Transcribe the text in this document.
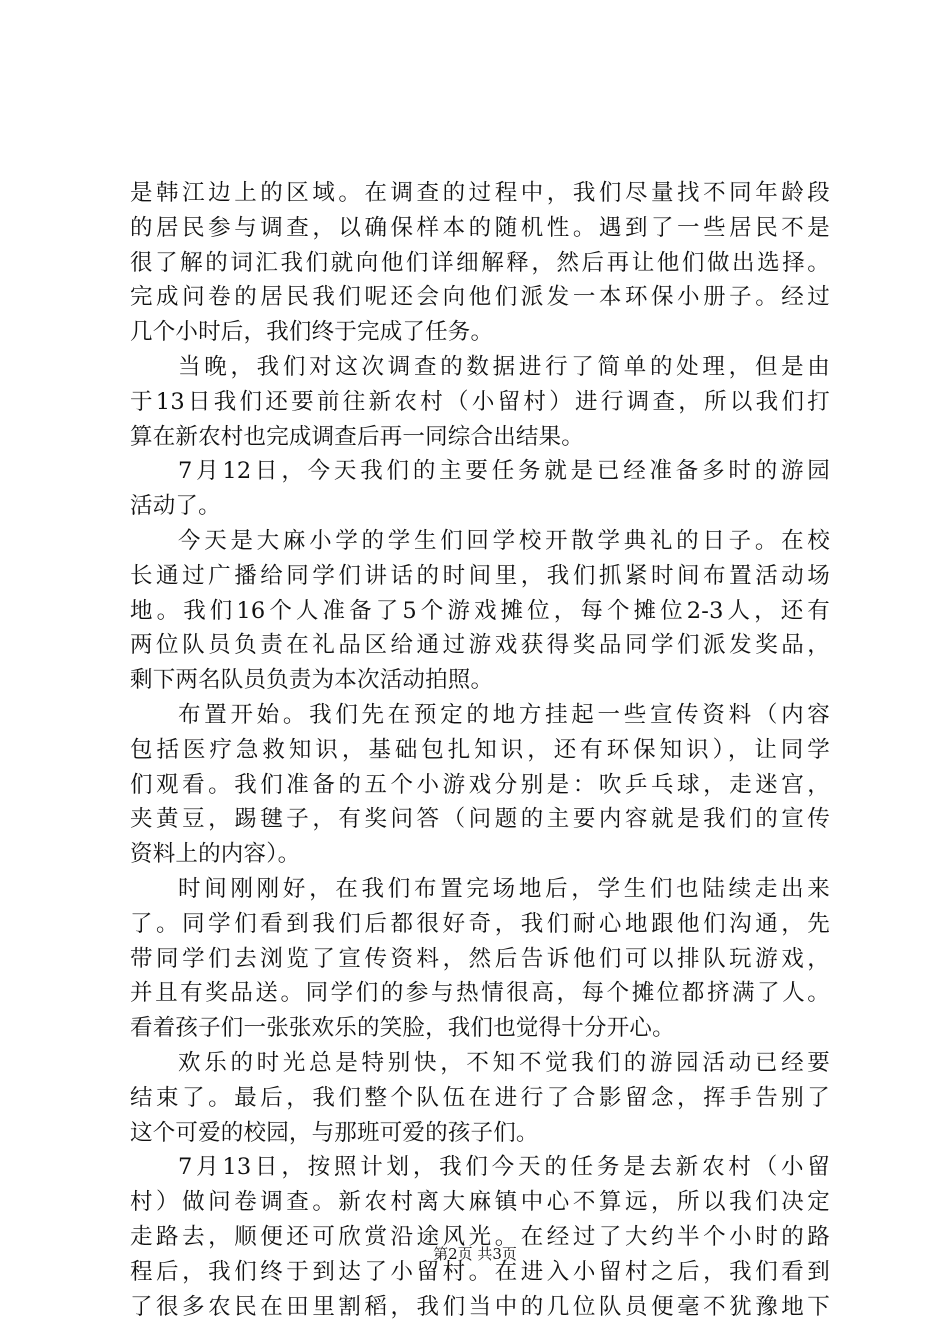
是韩江边上的区域。在调查的过程中，我们尽量找不同年龄段
的居民参与调查，以确保样本的随机性。遇到了一些居民不是
很了解的词汇我们就向他们详细解释，然后再让他们做出选择。
完成问卷的居民我们呢还会向他们派发一本环保小册子。经过
几个小时后，我们终于完成了任务。
当晚，我们对这次调查的数据进行了简单的处理，但是由
于13日我们还要前往新农村（小留村）进行调查，所以我们打
算在新农村也完成调查后再一同综合出结果。
7月12日，今天我们的主要任务就是已经准备多时的游园
活动了。
今天是大麻小学的学生们回学校开散学典礼的日子。在校
长通过广播给同学们讲话的时间里，我们抓紧时间布置活动场
地。我们16个人准备了5个游戏摊位，每个摊位2-3人，还有
两位队员负责在礼品区给通过游戏获得奖品同学们派发奖品，
剩下两名队员负责为本次活动拍照。
布置开始。我们先在预定的地方挂起一些宣传资料（内容
包括医疗急救知识，基础包扎知识，还有环保知识），让同学
们观看。我们准备的五个小游戏分别是：吹乒乓球，走迷宫，
夹黄豆，踢毽子，有奖问答（问题的主要内容就是我们的宣传
资料上的内容）。
时间刚刚好，在我们布置完场地后，学生们也陆续走出来
了。同学们看到我们后都很好奇，我们耐心地跟他们沟通，先
带同学们去浏览了宣传资料，然后告诉他们可以排队玩游戏，
并且有奖品送。同学们的参与热情很高，每个摊位都挤满了人。
看着孩子们一张张欢乐的笑脸，我们也觉得十分开心。
欢乐的时光总是特别快，不知不觉我们的游园活动已经要
结束了。最后，我们整个队伍在进行了合影留念，挥手告别了
这个可爱的校园，与那班可爱的孩子们。
7月13日，按照计划，我们今天的任务是去新农村（小留
村）做问卷调查。新农村离大麻镇中心不算远，所以我们决定
走路去，顺便还可欣赏沿途风光。在经过了大约半个小时的路
程后，我们终于到达了小留村。在进入小留村之后，我们看到
了很多农民在田里割稻，我们当中的几位队员便毫不犹豫地下
第2页 共3页
